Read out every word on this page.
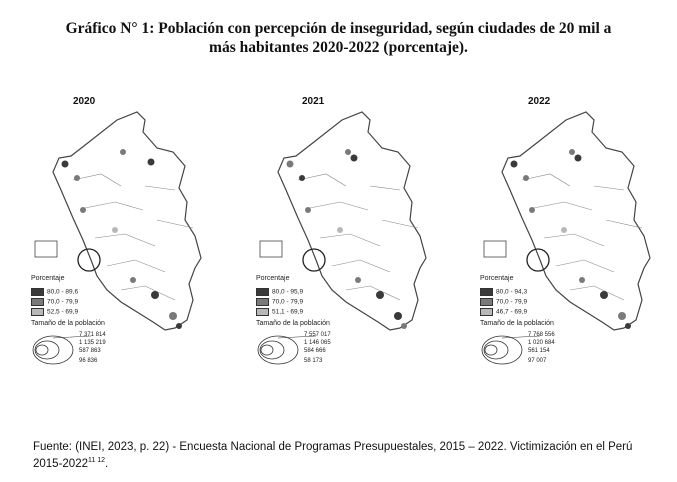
Gráfico N° 1: Población con percepción de inseguridad, según ciudades de 20 mil a
más habitantes 2020-2022 (porcentaje).
2020
Porcentaje
80,0 - 89,6
70,0 - 79,9
52,5 - 69,9
Tamaño de la población
7 371 814
1 135 219
587 863
96 836
2021
Porcentaje
80,0 - 95,9
70,0 - 79,9
51,1 - 69,9
Tamaño de la población
7 557 017
1 146 065
584 666
58 173
2022
Porcentaje
80,0 - 94,3
70,0 - 79,9
46,7 - 69,9
Tamaño de la población
7 768 556
1 020 684
561 154
97 007
Fuente: (INEI, 2023, p. 22) - Encuesta Nacional de Programas Presupuestales, 2015 – 2022. Victimización en el Perú $2015-2022^{11 12}$.
